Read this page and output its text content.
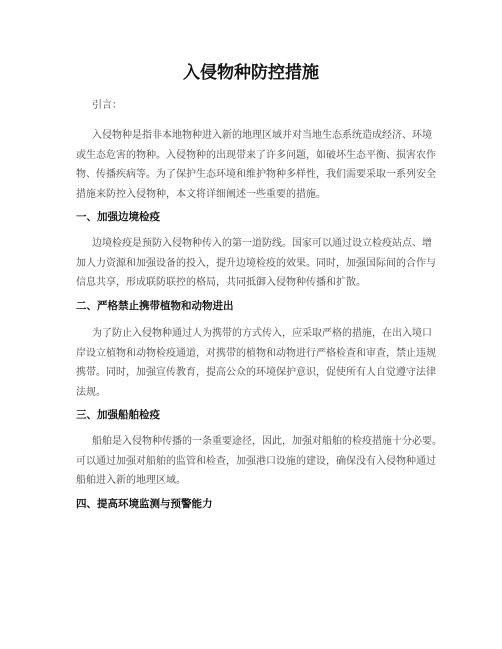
入侵物种防控措施
引言：
入侵物种是指非本地物种进入新的地理区域并对当地生态系统造成经济、环境
或生态危害的物种。入侵物种的出现带来了许多问题，如破坏生态平衡、损害农作
物、传播疾病等。为了保护生态环境和维护物种多样性，我们需要采取一系列安全
措施来防控入侵物种，本文将详细阐述一些重要的措施。
一、加强边境检疫
边境检疫是预防入侵物种传入的第一道防线。国家可以通过设立检疫站点、增
加人力资源和加强设备的投入，提升边境检疫的效果。同时，加强国际间的合作与
信息共享，形成联防联控的格局，共同抵御入侵物种传播和扩散。
二、严格禁止携带植物和动物进出
为了防止入侵物种通过人为携带的方式传入，应采取严格的措施，在出入境口
岸设立植物和动物检疫通道，对携带的植物和动物进行严格检查和审查，禁止违规
携带。同时，加强宣传教育，提高公众的环境保护意识，促使所有人自觉遵守法律
法规。
三、加强船舶检疫
船舶是入侵物种传播的一条重要途径，因此，加强对船舶的检疫措施十分必要。
可以通过加强对船舶的监管和检查，加强港口设施的建设，确保没有入侵物种通过
船舶进入新的地理区域。
四、提高环境监测与预警能力
